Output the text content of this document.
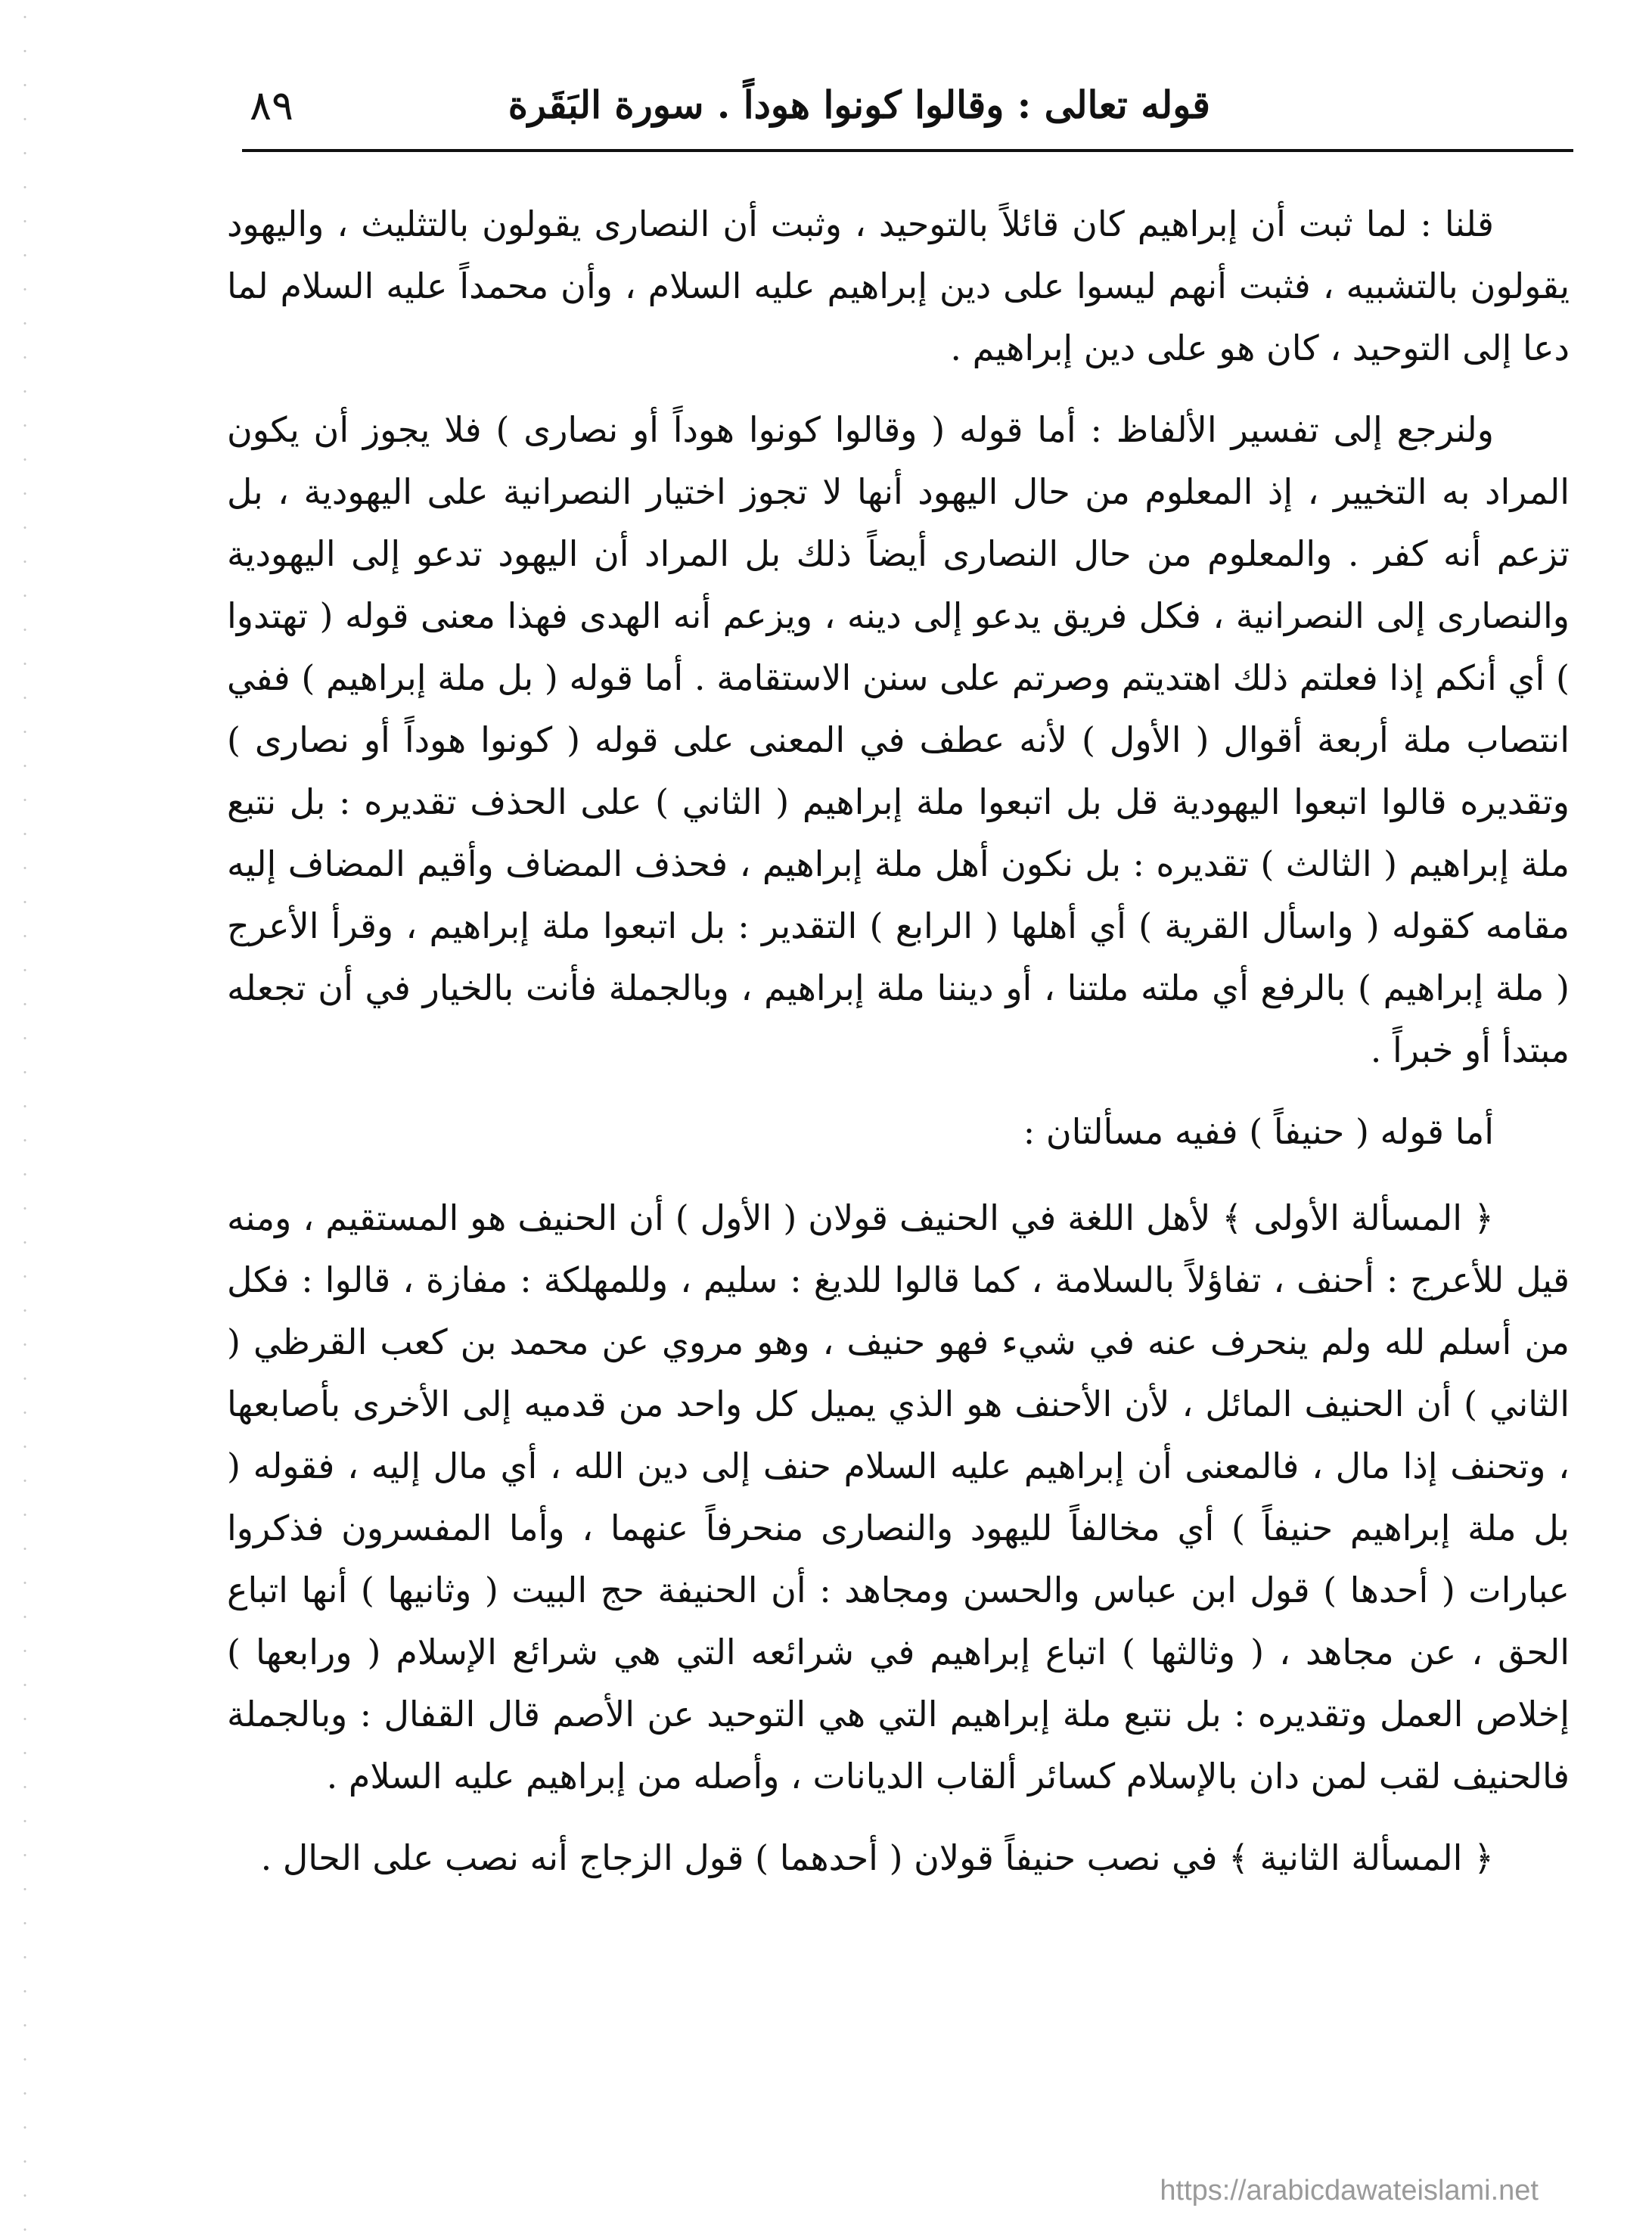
٨٩	قوله تعالى : وقالوا كونوا هوداً . سورة البَقَرة

قلنا : لما ثبت أن إبراهيم كان قائلاً بالتوحيد ، وثبت أن النصارى يقولون بالتثليث ، واليهود يقولون بالتشبيه ، فثبت أنهم ليسوا على دين إبراهيم عليه السلام ، وأن محمداً عليه السلام لما دعا إلى التوحيد ، كان هو على دين إبراهيم .

ولنرجع إلى تفسير الألفاظ : أما قوله ( وقالوا كونوا هوداً أو نصارى ) فلا يجوز أن يكون المراد به التخيير ، إذ المعلوم من حال اليهود أنها لا تجوز اختيار النصرانية على اليهودية ، بل تزعم أنه كفر . والمعلوم من حال النصارى أيضاً ذلك بل المراد أن اليهود تدعو إلى اليهودية والنصارى إلى النصرانية ، فكل فريق يدعو إلى دينه ، ويزعم أنه الهدى فهذا معنى قوله ( تهتدوا ) أي أنكم إذا فعلتم ذلك اهتديتم وصرتم على سنن الاستقامة . أما قوله ( بل ملة إبراهيم ) ففي انتصاب ملة أربعة أقوال ( الأول ) لأنه عطف في المعنى على قوله ( كونوا هوداً أو نصارى ) وتقديره قالوا اتبعوا اليهودية قل بل اتبعوا ملة إبراهيم ( الثاني ) على الحذف تقديره : بل نتبع ملة إبراهيم ( الثالث ) تقديره : بل نكون أهل ملة إبراهيم ، فحذف المضاف وأقيم المضاف إليه مقامه كقوله ( واسأل القرية ) أي أهلها ( الرابع ) التقدير : بل اتبعوا ملة إبراهيم ، وقرأ الأعرج ( ملة إبراهيم ) بالرفع أي ملته ملتنا ، أو ديننا ملة إبراهيم ، وبالجملة فأنت بالخيار في أن تجعله مبتدأ أو خبراً .

أما قوله ( حنيفاً ) ففيه مسألتان :

﴿ المسألة الأولى ﴾ لأهل اللغة في الحنيف قولان ( الأول ) أن الحنيف هو المستقيم ، ومنه قيل للأعرج : أحنف ، تفاؤلاً بالسلامة ، كما قالوا للديغ : سليم ، وللمهلكة : مفازة ، قالوا : فكل من أسلم لله ولم ينحرف عنه في شيء فهو حنيف ، وهو مروي عن محمد بن كعب القرظي ( الثاني ) أن الحنيف المائل ، لأن الأحنف هو الذي يميل كل واحد من قدميه إلى الأخرى بأصابعها ، وتحنف إذا مال ، فالمعنى أن إبراهيم عليه السلام حنف إلى دين الله ، أي مال إليه ، فقوله ( بل ملة إبراهيم حنيفاً ) أي مخالفاً لليهود والنصارى منحرفاً عنهما ، وأما المفسرون فذكروا عبارات ( أحدها ) قول ابن عباس والحسن ومجاهد : أن الحنيفة حج البيت ( وثانيها ) أنها اتباع الحق ، عن مجاهد ، ( وثالثها ) اتباع إبراهيم في شرائعه التي هي شرائع الإسلام ( ورابعها ) إخلاص العمل وتقديره : بل نتبع ملة إبراهيم التي هي التوحيد عن الأصم قال القفال : وبالجملة فالحنيف لقب لمن دان بالإسلام كسائر ألقاب الديانات ، وأصله من إبراهيم عليه السلام .

﴿ المسألة الثانية ﴾ في نصب حنيفاً قولان ( أحدهما ) قول الزجاج أنه نصب على الحال .

https://arabicdawateislami.net
